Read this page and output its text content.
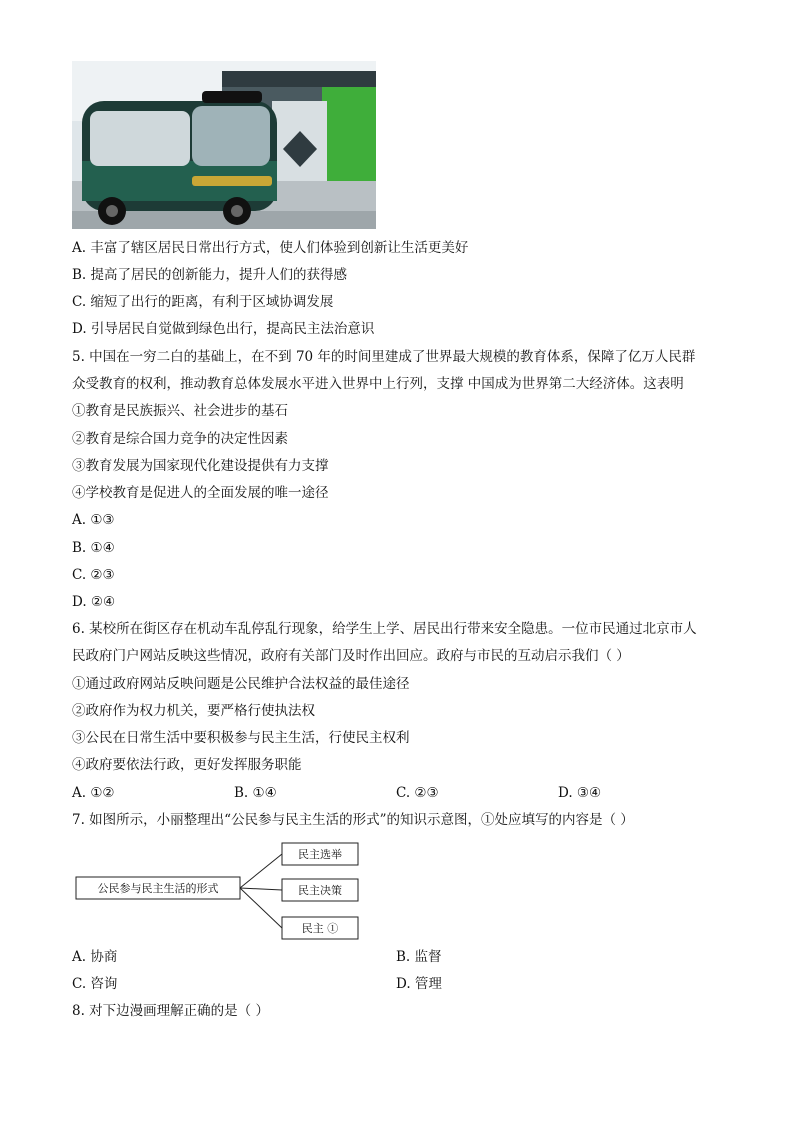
A. 丰富了辖区居民日常出行方式，使人们体验到创新让生活更美好
B. 提高了居民的创新能力，提升人们的获得感
C. 缩短了出行的距离，有利于区域协调发展
D. 引导居民自觉做到绿色出行，提高民主法治意识
5. 中国在一穷二白的基础上，在不到 70 年的时间里建成了世界最大规模的教育体系，保障了亿万人民群
众受教育的权利，推动教育总体发展水平进入世界中上行列，支撑 中国成为世界第二大经济体。这表明
①教育是民族振兴、社会进步的基石
②教育是综合国力竞争的决定性因素
③教育发展为国家现代化建设提供有力支撑
④学校教育是促进人的全面发展的唯一途径
A. ①③
B. ①④
C. ②③
D. ②④
6. 某校所在街区存在机动车乱停乱行现象，给学生上学、居民出行带来安全隐患。一位市民通过北京市人
民政府门户网站反映这些情况，政府有关部门及时作出回应。政府与市民的互动启示我们（ ）
①通过政府网站反映问题是公民维护合法权益的最佳途径
②政府作为权力机关，要严格行使执法权
③公民在日常生活中要积极参与民主生活，行使民主权利
④政府要依法行政，更好发挥服务职能
A. ①②	B. ①④	C. ②③	D. ③④
7. 如图所示，小丽整理出“公民参与民主生活的形式”的知识示意图，①处应填写的内容是（ ）
公民参与民主生活的形式
民主选举
民主决策
民主 ①
A. 协商	B. 监督
C. 咨询	D. 管理
8. 对下边漫画理解正确的是（ ）
